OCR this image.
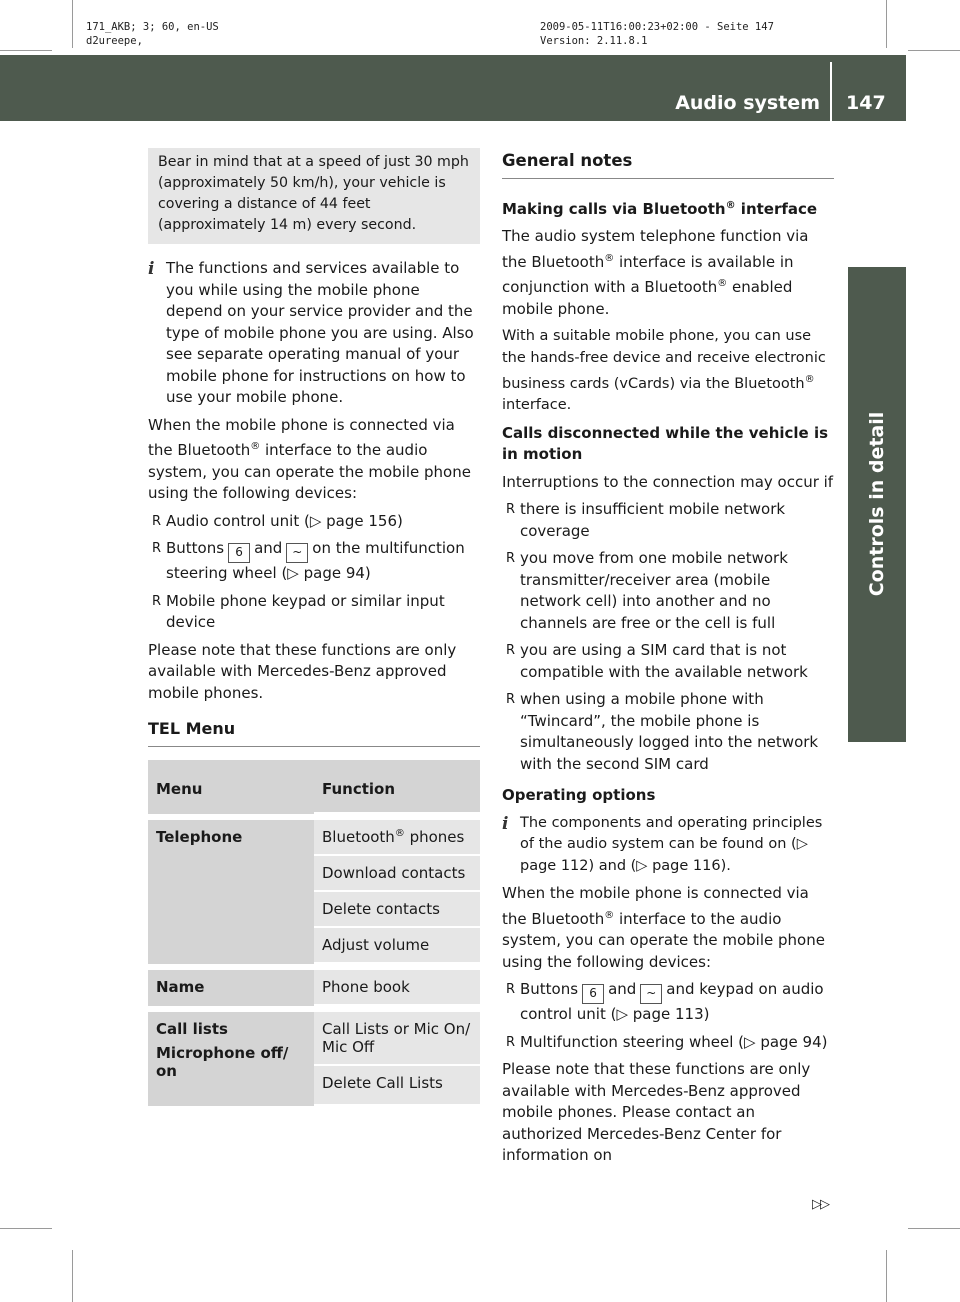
171_AKB; 3; 60, en-US
d2ureepe,
2009-05-11T16:00:23+02:00 - Seite 147
Version: 2.11.8.1
Audio system 147
Controls in detail
Bear in mind that at a speed of just 30 mph (approximately 50 km/h), your vehicle is covering a distance of 44 feet (approximately 14 m) every second.
i The functions and services available to you while using the mobile phone depend on your service provider and the type of mobile phone you are using. Also see separate operating manual of your mobile phone for instructions on how to use your mobile phone.

When the mobile phone is connected via the Bluetooth® interface to the audio system, you can operate the mobile phone using the following devices:

R Audio control unit (▷ page 156)
R Buttons 6 and ~ on the multifunction steering wheel (▷ page 94)
R Mobile phone keypad or similar input device

Please note that these functions are only available with Mercedes-Benz approved mobile phones.

TEL Menu
Menu	Function
Telephone	Bluetooth® phones
	Download contacts
	Delete contacts
	Adjust volume
Name	Phone book

Call lists
Microphone off/ on	Call Lists or Mic On/ Mic Off
	Delete Call Lists
General notes

Making calls via Bluetooth® interface

The audio system telephone function via the Bluetooth® interface is available in conjunction with a Bluetooth® enabled mobile phone.

With a suitable mobile phone, you can use the hands-free device and receive electronic business cards (vCards) via the Bluetooth® interface.

Calls disconnected while the vehicle is in motion

Interruptions to the connection may occur if

R there is insufficient mobile network coverage
R you move from one mobile network transmitter/receiver area (mobile network cell) into another and no channels are free or the cell is full
R you are using a SIM card that is not compatible with the available network
R when using a mobile phone with “Twincard”, the mobile phone is simultaneously logged into the network with the second SIM card

Operating options

i The components and operating principles of the audio system can be found on (▷ page 112) and (▷ page 116).

When the mobile phone is connected via the Bluetooth® interface to the audio system, you can operate the mobile phone using the following devices:

R Buttons 6 and ~ and keypad on audio control unit (▷ page 113)
R Multifunction steering wheel (▷ page 94)

Please note that these functions are only available with Mercedes-Benz approved mobile phones. Please contact an authorized Mercedes-Benz Center for information on

▷▷
